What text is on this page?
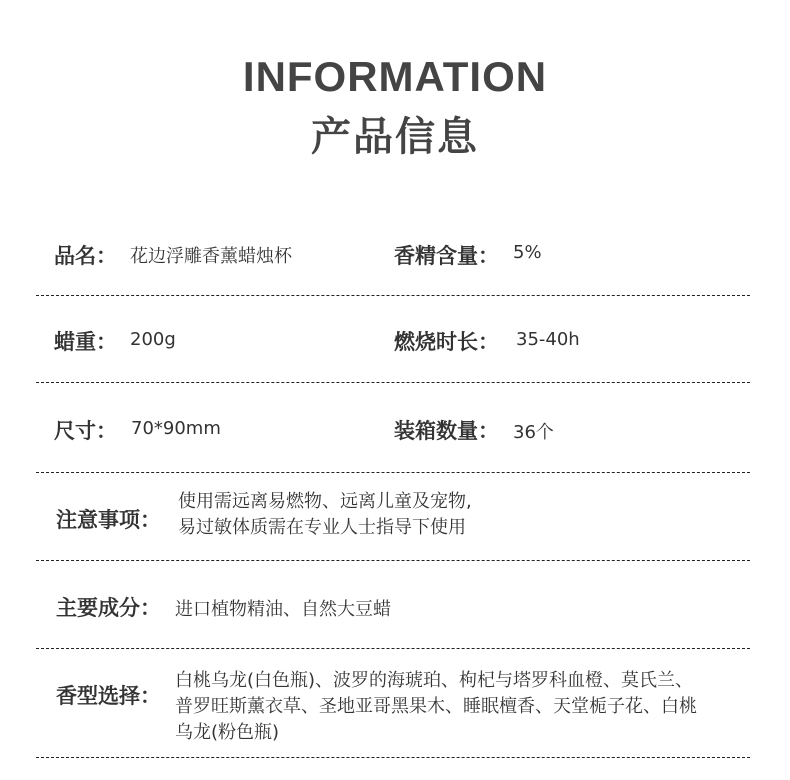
INFORMATION
产品信息
品名： 花边浮雕香薰蜡烛杯	香精含量： 5%
蜡重： 200g	燃烧时长： 35-40h
尺寸： 70*90mm	装箱数量： 36个
注意事项：
使用需远离易燃物、远离儿童及宠物,
易过敏体质需在专业人士指导下使用
主要成分： 进口植物精油、自然大豆蜡
香型选择：
白桃乌龙(白色瓶)、波罗的海琥珀、枸杞与塔罗科血橙、莫氏兰、
普罗旺斯薰衣草、圣地亚哥黑果木、睡眠檀香、天堂栀子花、白桃
乌龙(粉色瓶)
